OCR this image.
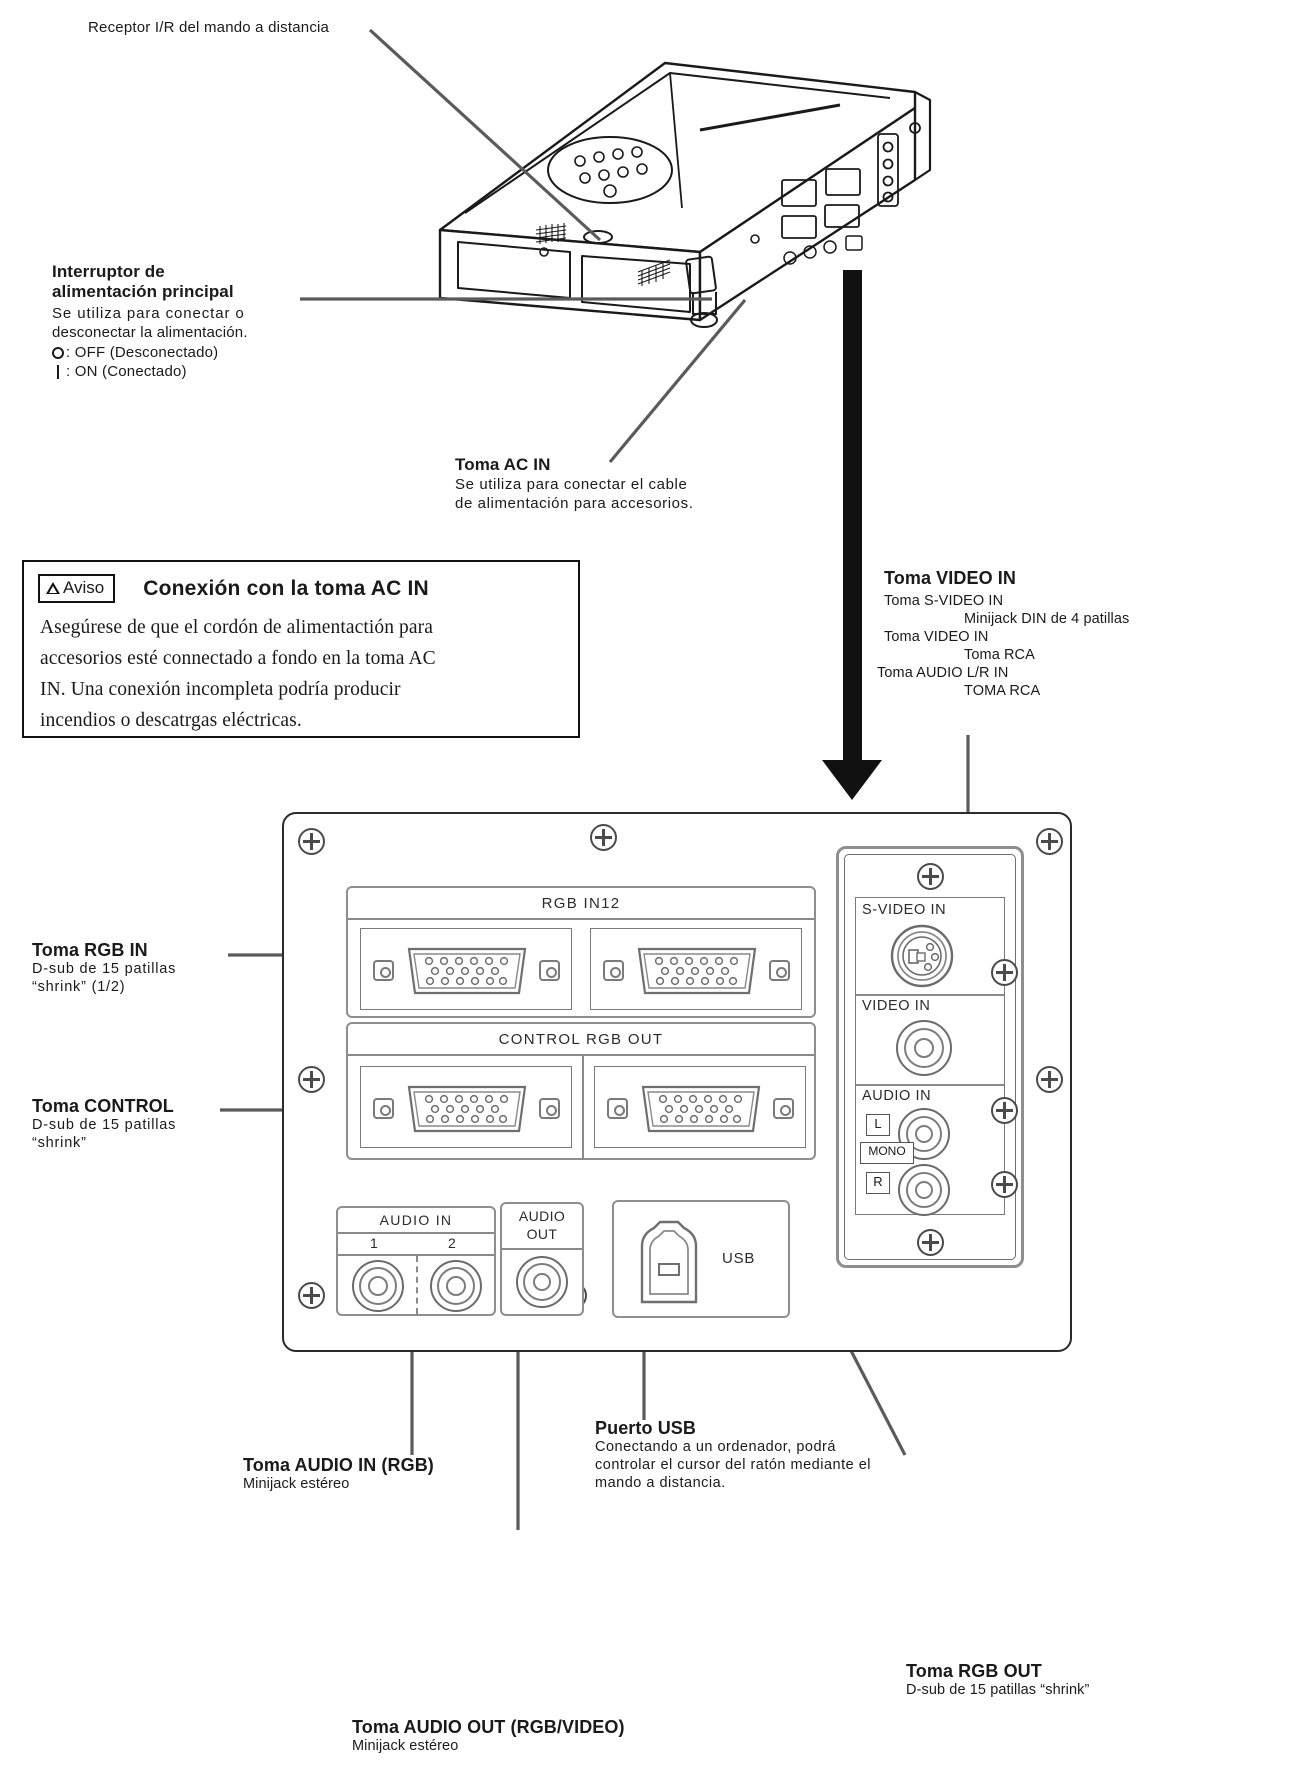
Receptor I/R del mando a distancia
Interruptor de
alimentación principal
Se utiliza para conectar o
desconectar la alimentación.
: OFF (Desconectado)
: ON (Conectado)
Toma AC IN
Se utiliza para conectar el cable
de alimentación para accesorios.
Aviso Conexión con la toma AC IN
Asegúrese de que el cordón de alimentactión para
accesorios esté connectado a fondo en la toma AC
IN. Una conexión incompleta podría producir
incendios o descatrgas eléctricas.
Toma VIDEO IN
Toma S-VIDEO IN
Minijack DIN de 4 patillas
Toma VIDEO IN
Toma RCA
Toma AUDIO L/R IN
TOMA RCA
Toma RGB IN
D-sub de 15 patillas
“shrink” (1/2)
Toma CONTROL
D-sub de 15 patillas
“shrink”
Toma AUDIO IN (RGB)
Minijack estéreo
Puerto USB
Conectando a un ordenador, podrá
controlar el cursor del ratón mediante el
mando a distancia.
Toma AUDIO OUT (RGB/VIDEO)
Minijack estéreo
Toma RGB OUT
D-sub de 15 patillas “shrink”
RGB IN12
CONTROL RGB OUT
AUDIO IN
1	2
AUDIO
OUT
USB
S-VIDEO IN
VIDEO IN
AUDIO IN
L
MONO
R
